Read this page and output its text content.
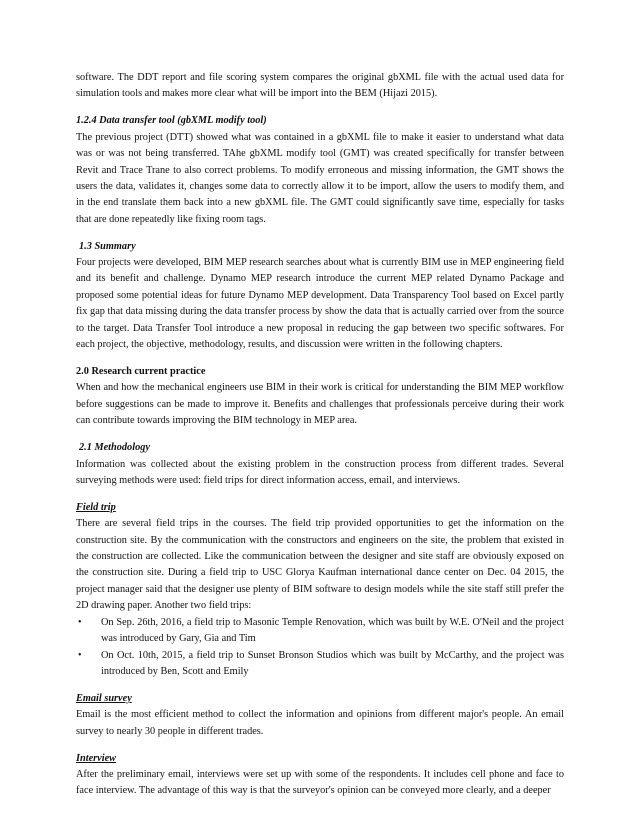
software. The DDT report and file scoring system compares the original gbXML file with the actual used data for simulation tools and makes more clear what will be import into the BEM (Hijazi 2015).

1.2.4 Data transfer tool (gbXML modify tool)

The previous project (DTT) showed what was contained in a gbXML file to make it easier to understand what data was or was not being transferred. TAhe gbXML modify tool (GMT) was created specifically for transfer between Revit and Trace Trane to also correct problems. To modify erroneous and missing information, the GMT shows the users the data, validates it, changes some data to correctly allow it to be import, allow the users to modify them, and in the end translate them back into a new gbXML file. The GMT could significantly save time, especially for tasks that are done repeatedly like fixing room tags.

1.3 Summary

Four projects were developed, BIM MEP research searches about what is currently BIM use in MEP engineering field and its benefit and challenge. Dynamo MEP research introduce the current MEP related Dynamo Package and proposed some potential ideas for future Dynamo MEP development. Data Transparency Tool based on Excel partly fix gap that data missing during the data transfer process by show the data that is actually carried over from the source to the target. Data Transfer Tool introduce a new proposal in reducing the gap between two specific softwares. For each project, the objective, methodology, results, and discussion were written in the following chapters.

2.0 Research current practice

When and how the mechanical engineers use BIM in their work is critical for understanding the BIM MEP workflow before suggestions can be made to improve it. Benefits and challenges that professionals perceive during their work can contribute towards improving the BIM technology in MEP area.

2.1 Methodology

Information was collected about the existing problem in the construction process from different trades. Several surveying methods were used: field trips for direct information access, email, and interviews.

Field trip

There are several field trips in the courses. The field trip provided opportunities to get the information on the construction site. By the communication with the constructors and engineers on the site, the problem that existed in the construction are collected. Like the communication between the designer and site staff are obviously exposed on the construction site. During a field trip to USC Glorya Kaufman international dance center on Dec. 04 2015, the project manager said that the designer use plenty of BIM software to design models while the site staff still prefer the 2D drawing paper. Another two field trips:

• On Sep. 26th, 2016, a field trip to Masonic Temple Renovation, which was built by W.E. O'Neil and the project was introduced by Gary, Gia and Tim
• On Oct. 10th, 2015, a field trip to Sunset Bronson Studios which was built by McCarthy, and the project was introduced by Ben, Scott and Emily

Email survey

Email is the most efficient method to collect the information and opinions from different major's people. An email survey to nearly 30 people in different trades.

Interview

After the preliminary email, interviews were set up with some of the respondents. It includes cell phone and face to face interview. The advantage of this way is that the surveyor's opinion can be conveyed more clearly, and a deeper
